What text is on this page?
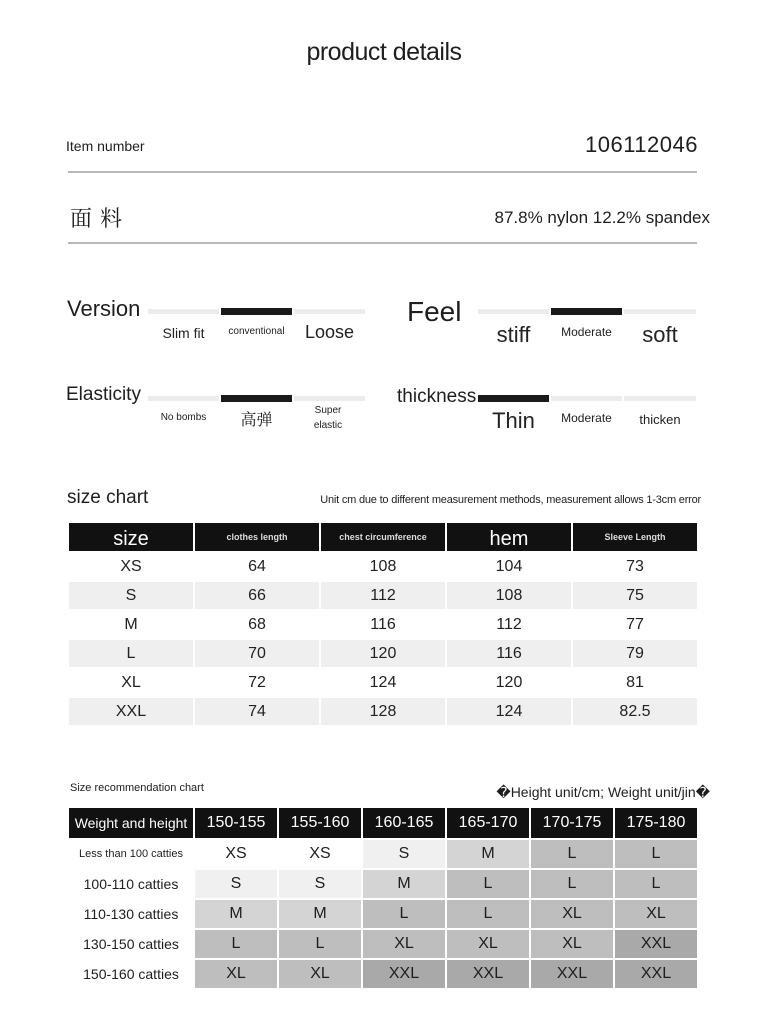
product details
Item number	106112046
面料	87.8% nylon 12.2% spandex
Version
Slim fit	conventional	Loose
Feel
stiff	Moderate	soft
Elasticity
No bombs	高弹
Super elastic
thickness
Thin	Moderate	thicken
size chart	Unit cm due to different measurement methods, measurement allows 1-3cm error
size	clothes length	chest circumference	hem	Sleeve Length

XS	64	108	104	73
S	66	112	108	75
M	68	116	112	77
L	70	120	116	79
XL	72	124	120	81
XXL	74	128	124	82.5
Size recommendation chart	�Height unit/cm; Weight unit/jin�
Weight and height	150-155	155-160	160-165	165-170	170-175	175-180
Less than 100 catties	XS	XS	S	M	L	L
100-110 catties	S	S	M	L	L	L
110-130 catties	M	M	L	L	XL	XL
130-150 catties	L	L	XL	XL	XL	XXL
150-160 catties	XL	XL	XXL	XXL	XXL	XXL
